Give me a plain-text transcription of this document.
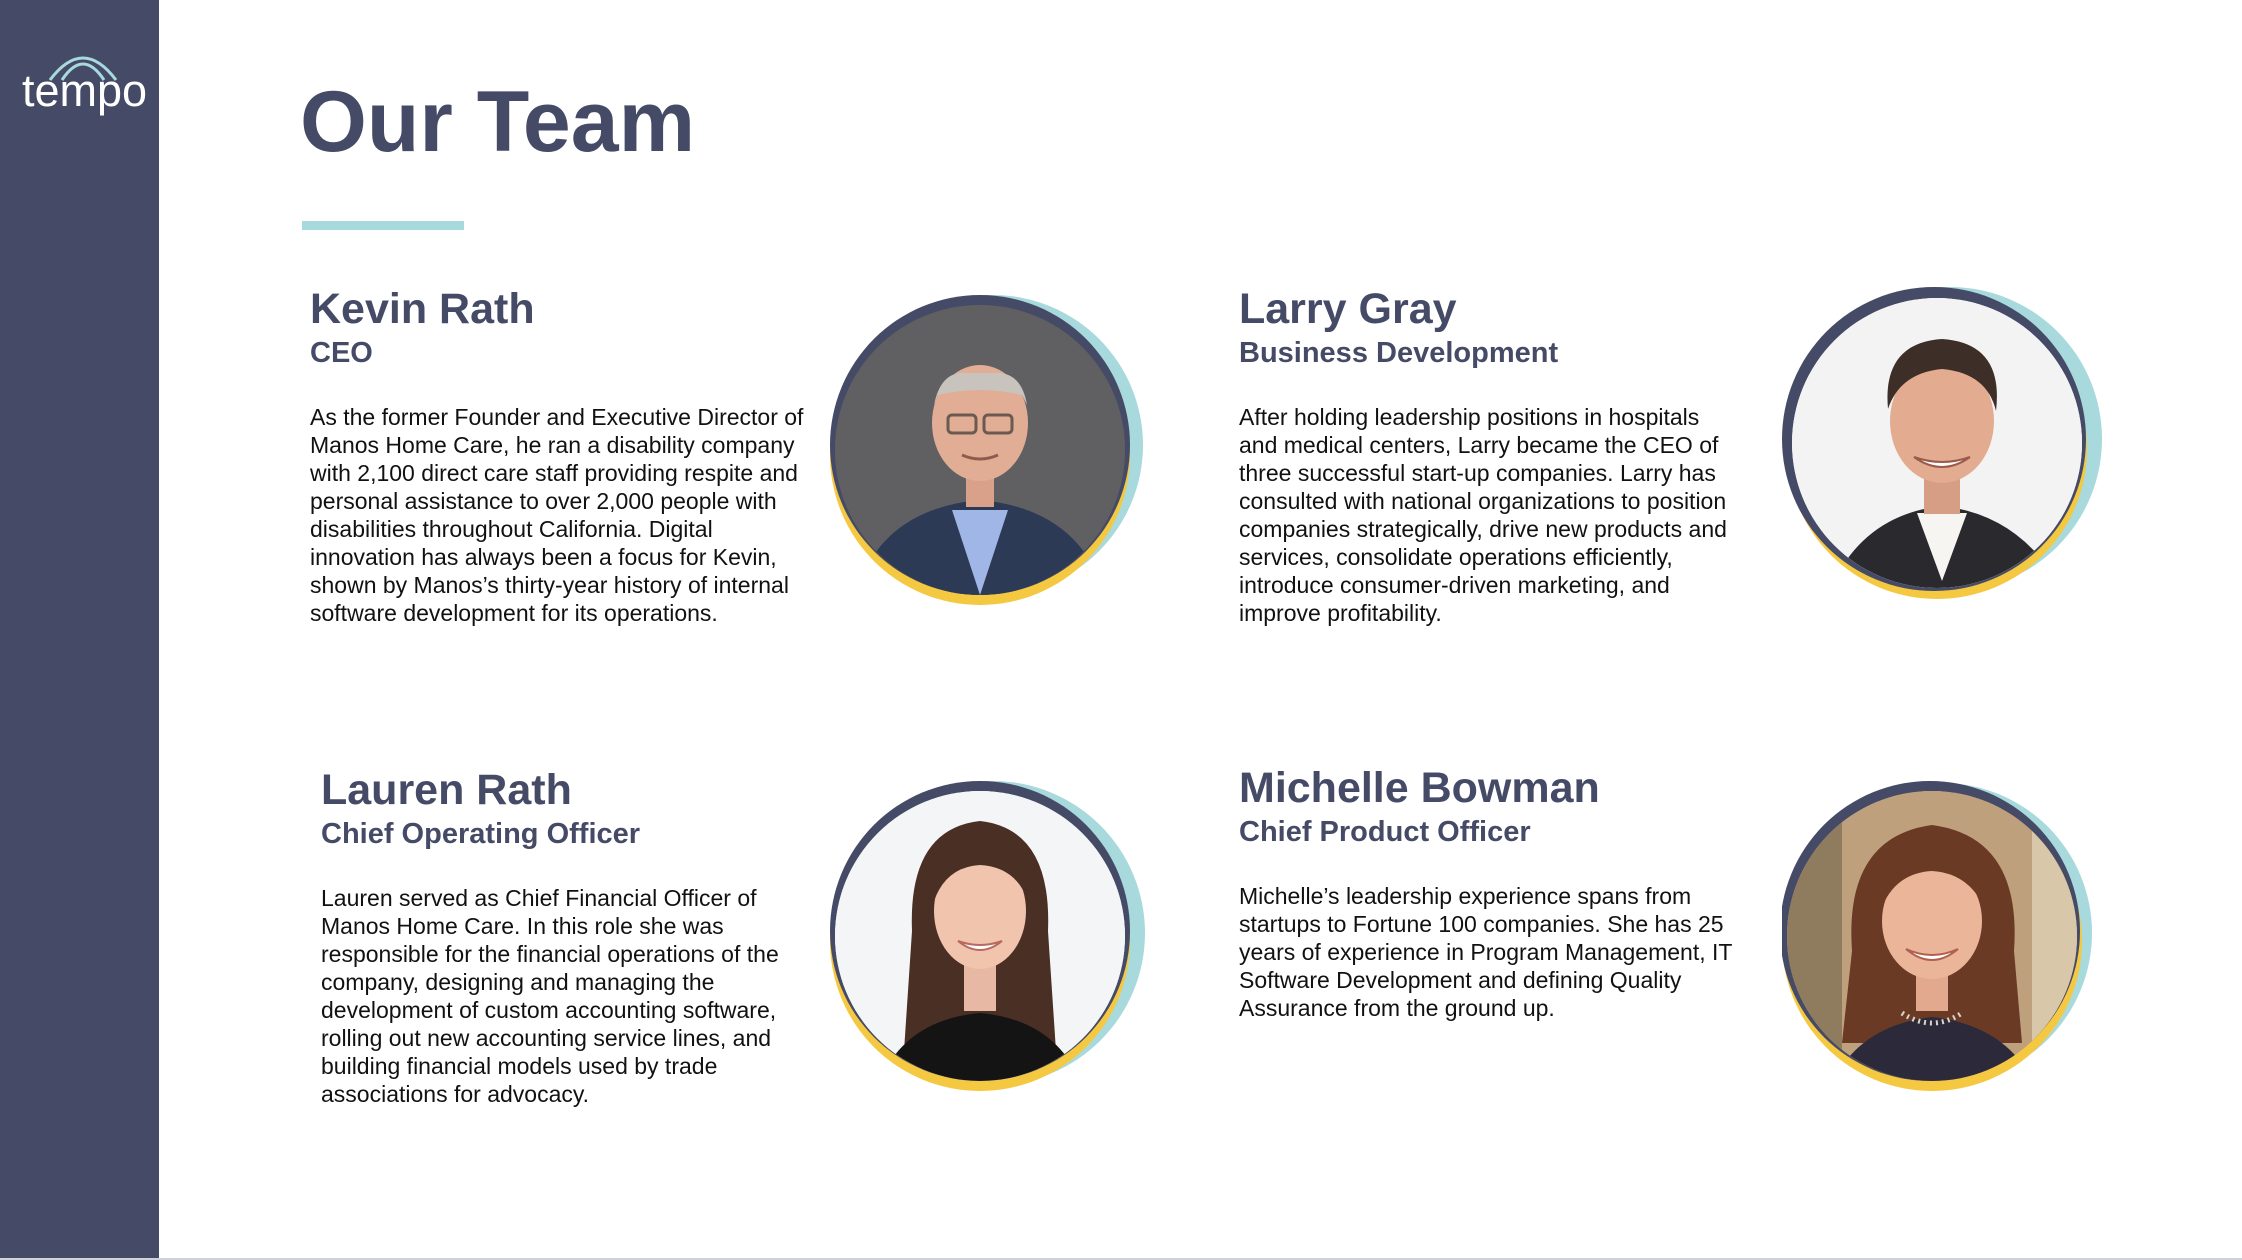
tempo Our Team
Kevin Rath
CEO
As the former Founder and Executive Director of Manos Home Care, he ran a disability company with 2,100 direct care staff providing respite and personal assistance to over 2,000 people with disabilities throughout California. Digital innovation has always been a focus for Kevin, shown by Manos’s thirty-year history of internal software development for its operations.
Larry Gray
Business Development
After holding leadership positions in hospitals and medical centers, Larry became the CEO of three successful start-up companies. Larry has consulted with national organizations to position companies strategically, drive new products and services, consolidate operations efficiently, introduce consumer-driven marketing, and improve profitability.
Lauren Rath
Chief Operating Officer
Lauren served as Chief Financial Officer of Manos Home Care. In this role she was responsible for the financial operations of the company, designing and managing the development of custom accounting software, rolling out new accounting service lines, and building financial models used by trade associations for advocacy.
Michelle Bowman
Chief Product Officer
Michelle’s leadership experience spans from startups to Fortune 100 companies. She has 25 years of experience in Program Management, IT Software Development and defining Quality Assurance from the ground up.
